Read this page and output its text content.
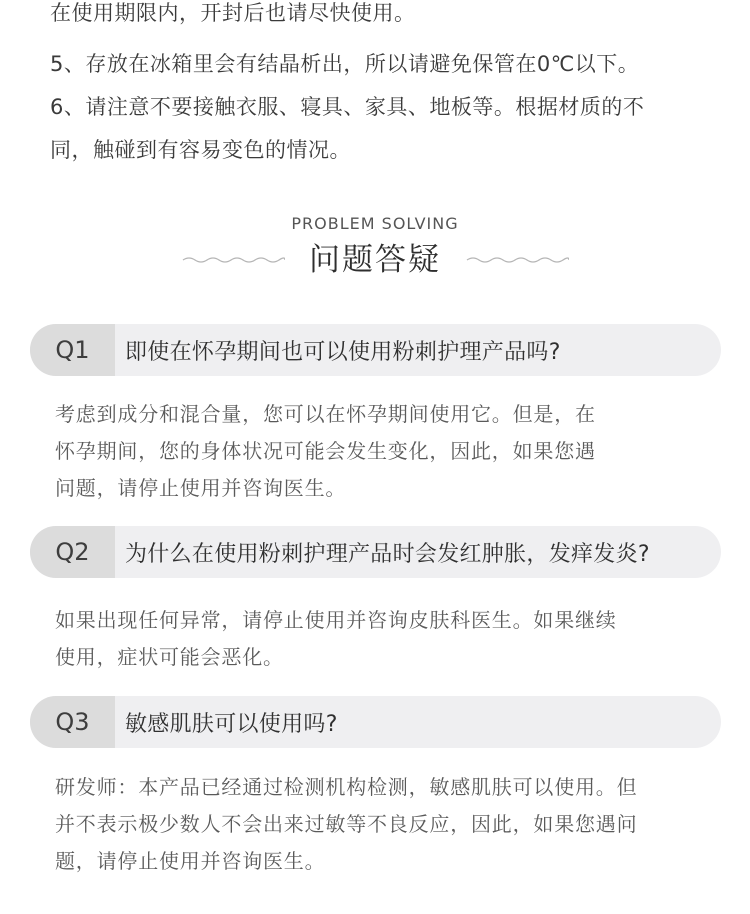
在使用期限内，开封后也请尽快使用。

5、存放在冰箱里会有结晶析出，所以请避免保管在0℃以下。

6、请注意不要接触衣服、寝具、家具、地板等。根据材质的不

同，触碰到有容易变色的情况。

PROBLEM SOLVING
问题答疑
Q1	即使在怀孕期间也可以使用粉刺护理产品吗?
考虑到成分和混合量，您可以在怀孕期间使用它。但是，在
怀孕期间，您的身体状况可能会发生变化，因此，如果您遇
问题，请停止使用并咨询医生。
Q2	为什么在使用粉刺护理产品时会发红肿胀，发痒发炎?
如果出现任何异常，请停止使用并咨询皮肤科医生。如果继续
使用，症状可能会恶化。
Q3	敏感肌肤可以使用吗?
研发师：本产品已经通过检测机构检测，敏感肌肤可以使用。但
并不表示极少数人不会出来过敏等不良反应，因此，如果您遇问
题，请停止使用并咨询医生。
